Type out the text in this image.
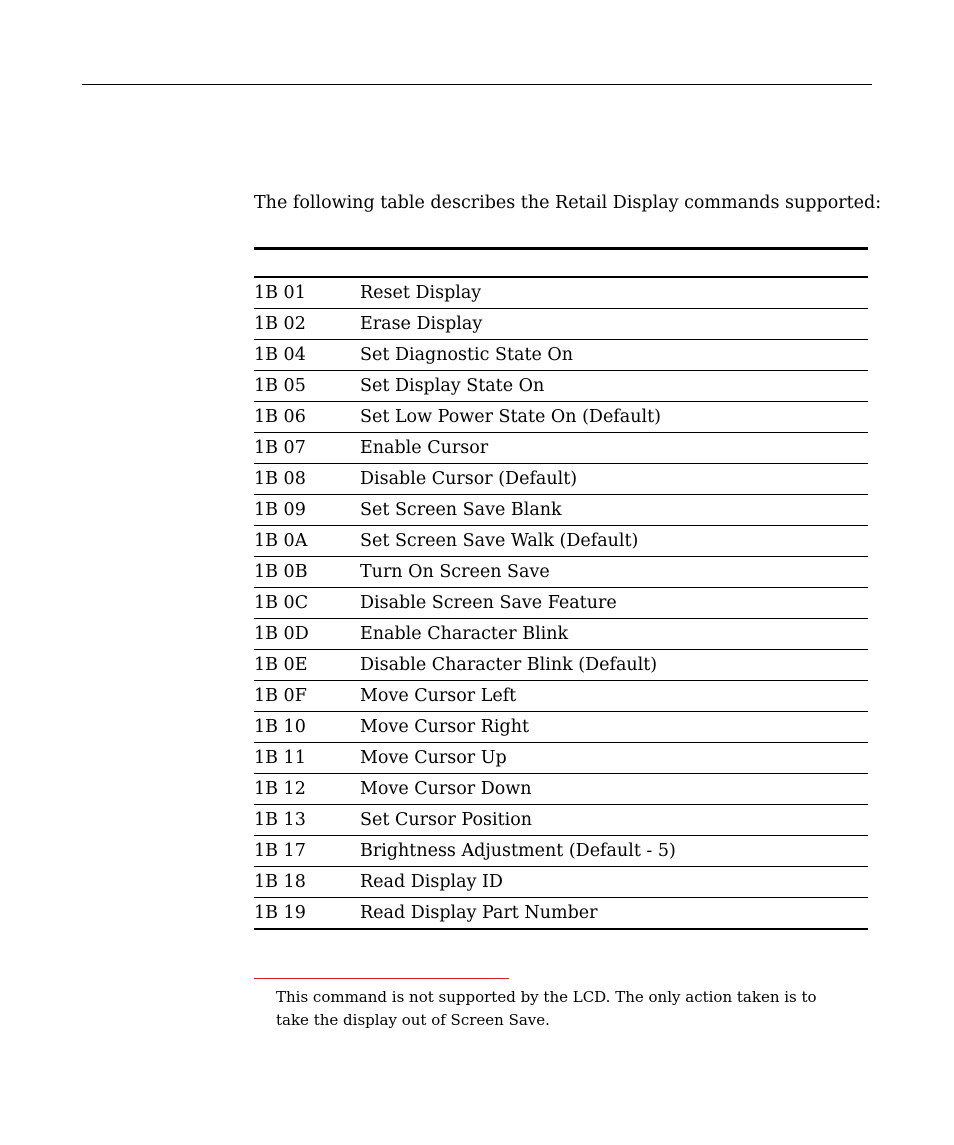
The following table describes the Retail Display commands supported:

1B 01	Reset Display
1B 02	Erase Display
1B 04	Set Diagnostic State On
1B 05	Set Display State On
1B 06	Set Low Power State On (Default)
1B 07	Enable Cursor
1B 08	Disable Cursor (Default)
1B 09	Set Screen Save Blank
1B 0A	Set Screen Save Walk (Default)
1B 0B	Turn On Screen Save
1B 0C	Disable Screen Save Feature
1B 0D	Enable Character Blink
1B 0E	Disable Character Blink (Default)
1B 0F	Move Cursor Left
1B 10	Move Cursor Right
1B 11	Move Cursor Up
1B 12	Move Cursor Down
1B 13	Set Cursor Position
1B 17	Brightness Adjustment (Default - 5)
1B 18	Read Display ID
1B 19	Read Display Part Number

This command is not supported by the LCD. The only action taken is to take the display out of Screen Save.
